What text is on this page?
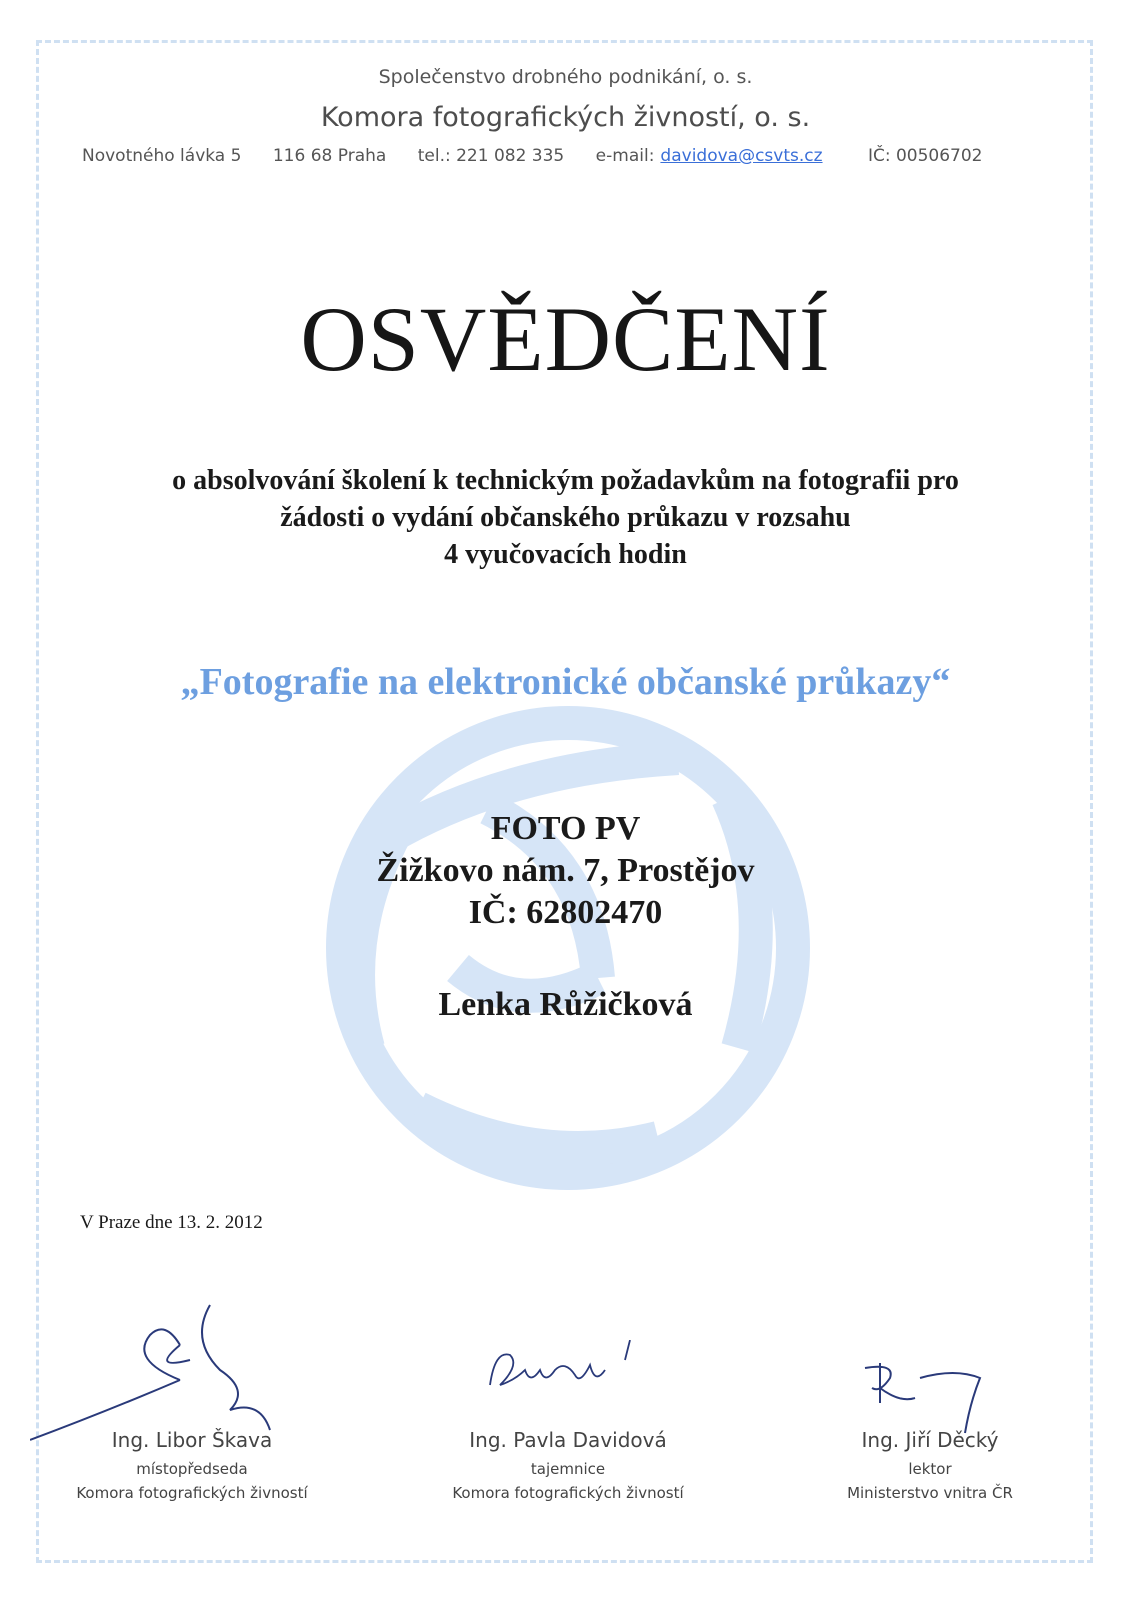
Společenstvo drobného podnikání, o. s.
Komora fotografických živností, o. s.
Novotného lávka 5 116 68 Praha tel.: 221 082 335 e-mail: davidova@csvts.cz	IČ: 00506702
OSVĚDČENÍ
o absolvování školení k technickým požadavkům na fotografii pro
žádosti o vydání občanského průkazu v rozsahu
4 vyučovacích hodin
„Fotografie na elektronické občanské průkazy“
FOTO PV
Žižkovo nám. 7, Prostějov
IČ: 62802470
Lenka Růžičková
V Praze dne 13. 2. 2012
Ing. Libor Škava
místopředseda
Komora fotografických živností
Ing. Pavla Davidová
tajemnice
Komora fotografických živností
Ing. Jiří Děcký
lektor
Ministerstvo vnitra ČR
